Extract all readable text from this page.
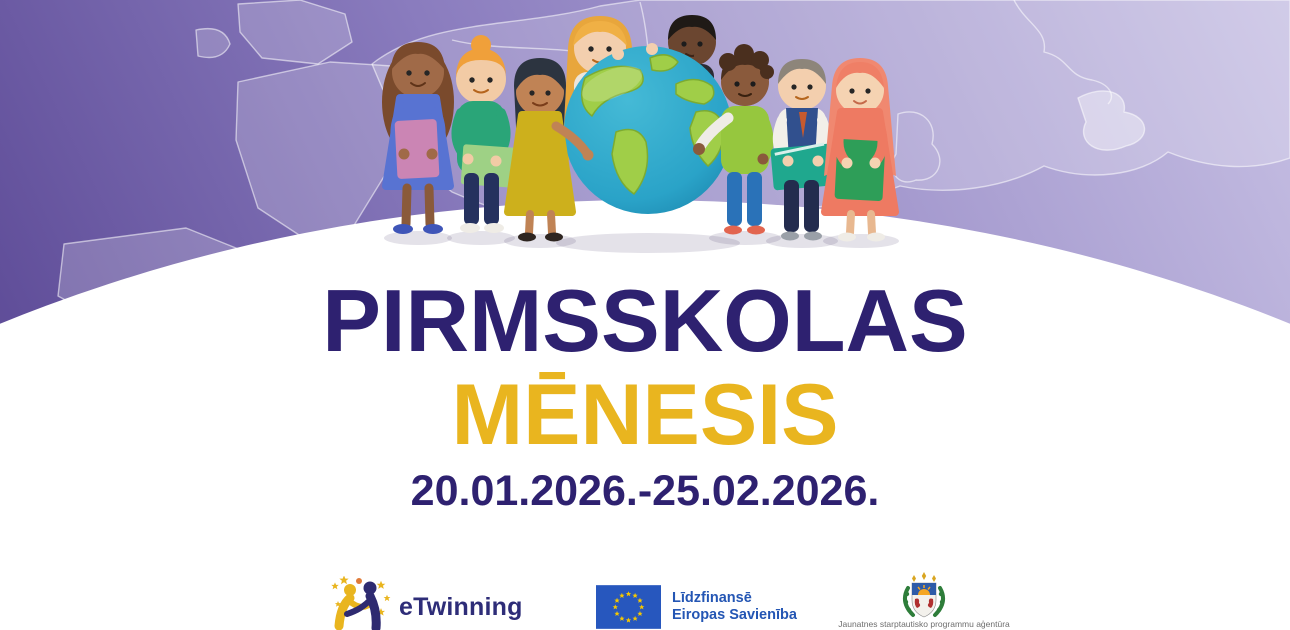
PIRMSSKOLAS
MĒNESIS
20.01.2026.-25.02.2026.
eTwinning	Līdzfinansē
Eiropas Savienība
Jaunatnes starptautisko programmu aģentūra
